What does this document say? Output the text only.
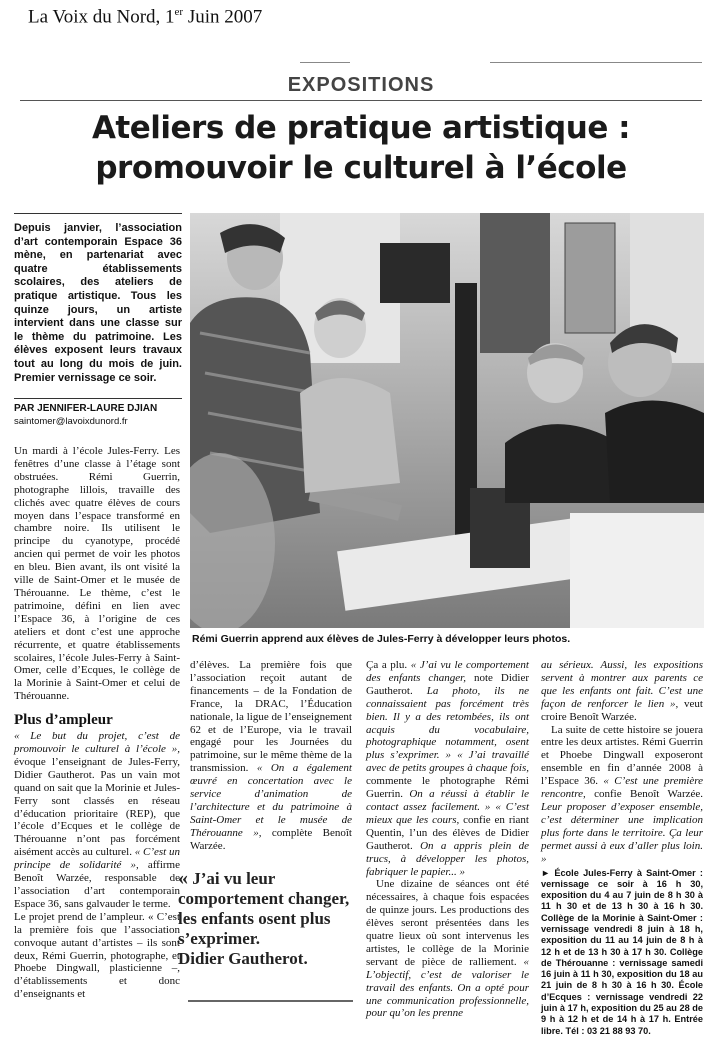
La Voix du Nord, 1er Juin 2007
EXPOSITIONS
Ateliers de pratique artistique :
promouvoir le culturel à l’école
Depuis janvier, l’association d’art contemporain Espace 36 mène, en partenariat avec quatre établissements scolaires, des ateliers de pratique artistique. Tous les quinze jours, un artiste intervient dans une classe sur le thème du patrimoine. Les élèves exposent leurs travaux tout au long du mois de juin. Premier vernissage ce soir.
PAR JENNIFER-LAURE DJIAN
saintomer@lavoixdunord.fr

Un mardi à l’école Jules-Ferry. Les fenêtres d’une classe à l’étage sont obstruées. Rémi Guerrin, photographe lillois, travaille des clichés avec quatre élèves de cours moyen dans l’espace transformé en chambre noire. Ils utilisent le principe du cyanotype, procédé ancien qui permet de voir les photos en bleu. Bien avant, ils ont visité la ville de Saint-Omer et le musée de Thérouanne. Le thème, c’est le patrimoine, défini en lien avec l’Espace 36, à l’origine de ces ateliers et dont c’est une approche récurrente, et quatre établissements scolaires, l’école Jules-Ferry à Saint-Omer, celle d’Ecques, le collège de la Morinie à Saint-Omer et celui de Thérouanne.

Plus d’ampleur

« Le but du projet, c’est de promouvoir le culturel à l’école », évoque l’enseignant de Jules-Ferry, Didier Gautherot. Pas un vain mot quand on sait que la Morinie et Jules-Ferry sont classés en réseau d’éducation prioritaire (REP), que l’école d’Ecques et le collège de Thérouanne n’ont pas forcément aisément accès au culturel. « C’est un principe de solidarité », affirme Benoît Warzée, responsable de l’association d’art contemporain Espace 36, sans galvauder le terme.

Le projet prend de l’ampleur. « C’est la première fois que l’association convoque autant d’artistes – ils sont deux, Rémi Guerrin, photographe, et Phoebe Dingwall, plasticienne –, d’établissements et donc d’enseignants et

Rémi Guerrin apprend aux élèves de Jules-Ferry à développer leurs photos.

d’élèves. La première fois que l’association reçoit autant de financements – de la Fondation de France, la DRAC, l’Éducation nationale, la ligue de l’enseignement 62 et de l’Europe, via le travail engagé pour les Journées du patrimoine, sur le même thème de la transmission. « On a également œuvré en concertation avec le service d’animation de l’architecture et du patrimoine à Saint-Omer et le musée de Thérouanne », complète Benoît Warzée.

« J’ai vu leur comportement changer, les enfants osent plus s’exprimer.
Didier Gautherot.

Ça a plu. « J’ai vu le comportement des enfants changer, note Didier Gautherot. La photo, ils ne connaissaient pas forcément très bien. Il y a des retombées, ils ont acquis du vocabulaire, photographique notamment, osent plus s’exprimer. » « J’ai travaillé avec de petits groupes à chaque fois, commente le photographe Rémi Guerrin. On a réussi à établir le contact assez facilement. » « C’est mieux que les cours, confie en riant Quentin, l’un des élèves de Didier Gautherot. On a appris plein de trucs, à développer les photos, fabriquer le papier... »

Une dizaine de séances ont été nécessaires, à chaque fois espacées de quinze jours. Les productions des élèves seront présentées dans les quatre lieux où sont intervenus les artistes, le collège de la Morinie servant de pièce de ralliement. « L’objectif, c’est de valoriser le travail des enfants. On a opté pour une communication professionnelle, pour qu’on les prenne

au sérieux. Aussi, les expositions servent à montrer aux parents ce que les enfants ont fait. C’est une façon de renforcer le lien », veut croire Benoît Warzée.

La suite de cette histoire se jouera entre les deux artistes. Rémi Guerrin et Phoebe Dingwall exposeront ensemble en fin d’année 2008 à l’Espace 36. « C’est une première rencontre, confie Benoît Warzée. Leur proposer d’exposer ensemble, c’est déterminer une implication plus forte dans le territoire. Ça leur permet aussi à eux d’aller plus loin. »

► École Jules-Ferry à Saint-Omer : vernissage ce soir à 16 h 30, exposition du 4 au 7 juin de 8 h 30 à 11 h 30 et de 13 h 30 à 16 h 30. Collège de la Morinie à Saint-Omer : vernissage vendredi 8 juin à 18 h, exposition du 11 au 14 juin de 8 h à 12 h et de 13 h 30 à 17 h 30. Collège de Thérouanne : vernissage samedi 16 juin à 11 h 30, exposition du 18 au 21 juin de 8 h 30 à 16 h 30. École d’Ecques : vernissage vendredi 22 juin à 17 h, exposition du 25 au 28 de 9 h à 12 h et de 14 h à 17 h. Entrée libre. Tél : 03 21 88 93 70.
